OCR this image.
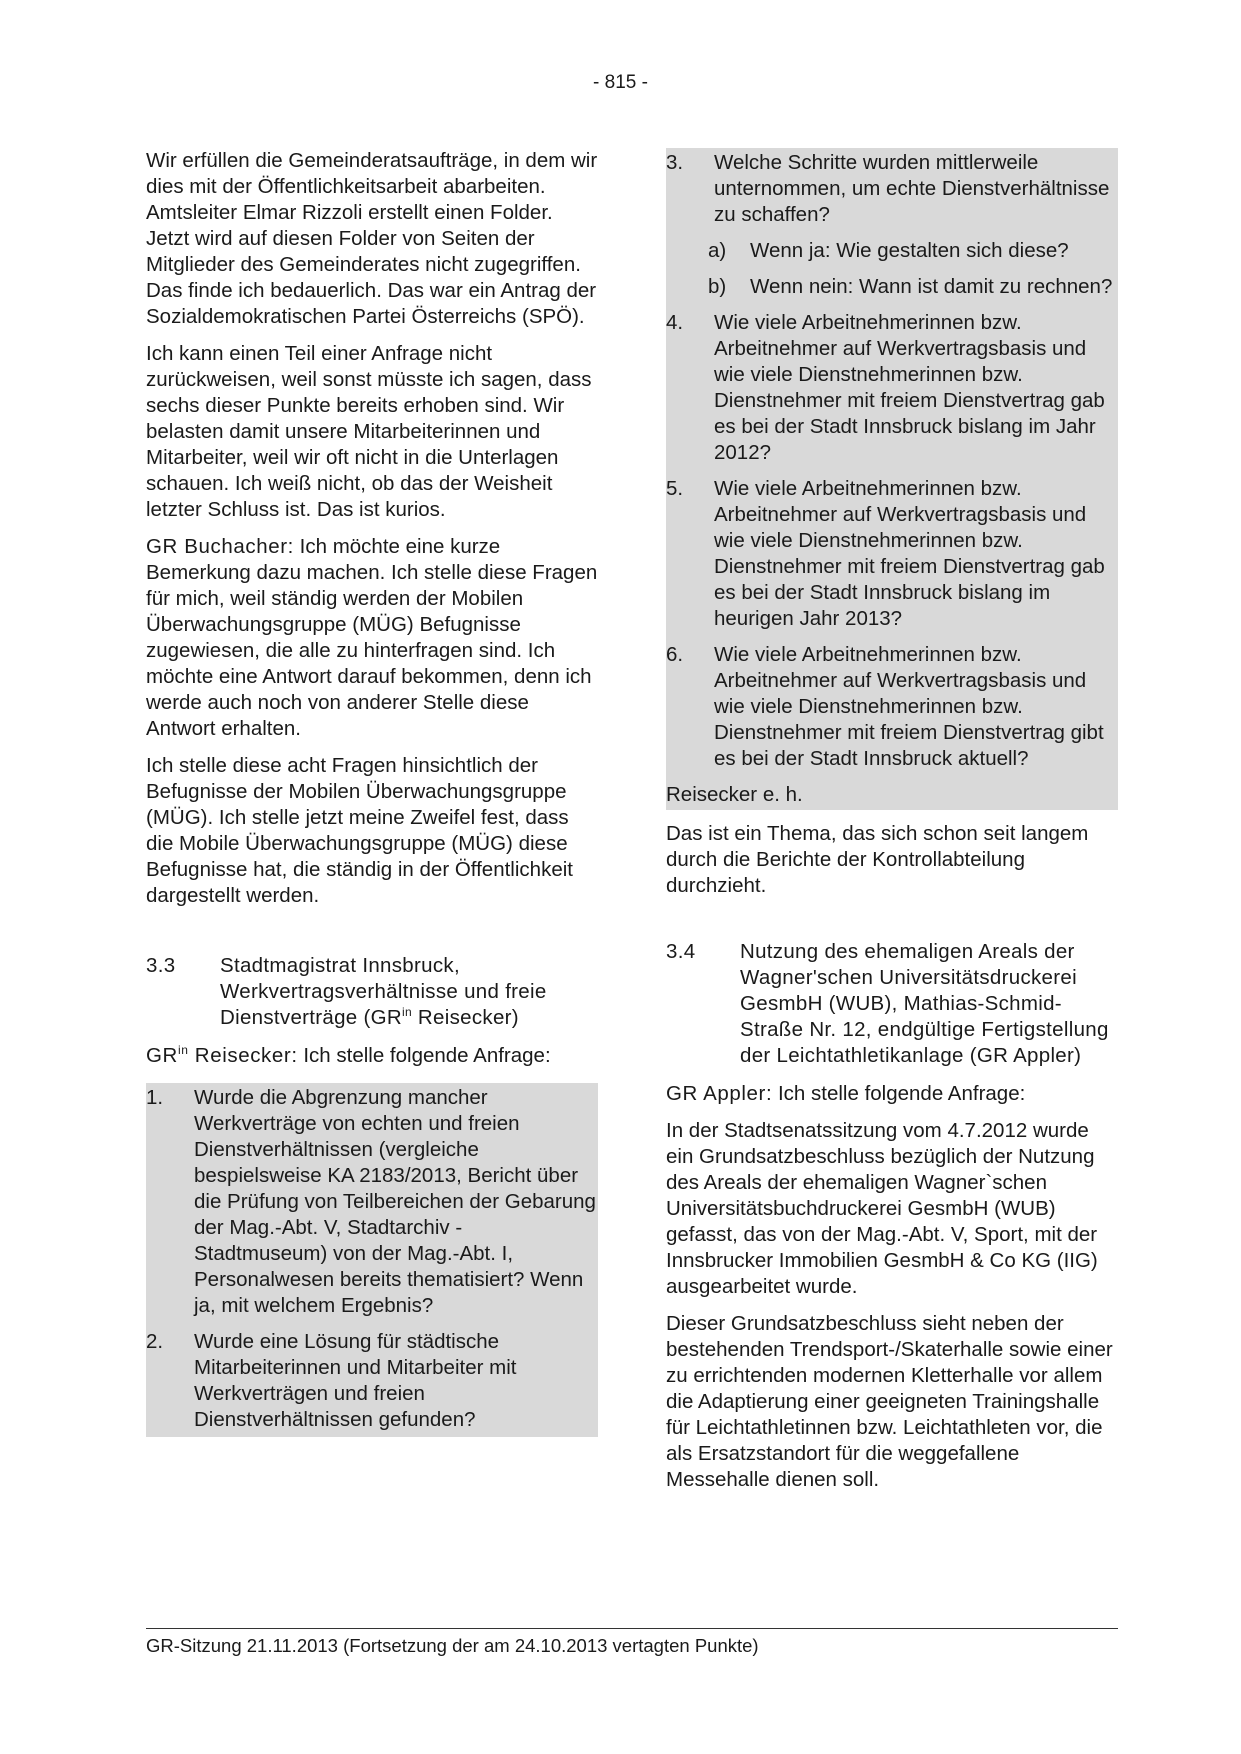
- 815 -

Wir erfüllen die Gemeinderatsaufträge, in dem wir dies mit der Öffentlichkeitsarbeit abarbeiten. Amtsleiter Elmar Rizzoli erstellt einen Folder. Jetzt wird auf diesen Folder von Seiten der Mitglieder des Gemeinderates nicht zugegriffen. Das finde ich bedauerlich. Das war ein Antrag der Sozialdemokratischen Partei Österreichs (SPÖ).

Ich kann einen Teil einer Anfrage nicht zurückweisen, weil sonst müsste ich sagen, dass sechs dieser Punkte bereits erhoben sind. Wir belasten damit unsere Mitarbeiterinnen und Mitarbeiter, weil wir oft nicht in die Unterlagen schauen. Ich weiß nicht, ob das der Weisheit letzter Schluss ist. Das ist kurios.

GR Buchacher: Ich möchte eine kurze Bemerkung dazu machen. Ich stelle diese Fragen für mich, weil ständig werden der Mobilen Überwachungsgruppe (MÜG) Befugnisse zugewiesen, die alle zu hinterfragen sind. Ich möchte eine Antwort darauf bekommen, denn ich werde auch noch von anderer Stelle diese Antwort erhalten.

Ich stelle diese acht Fragen hinsichtlich der Befugnisse der Mobilen Überwachungsgruppe (MÜG). Ich stelle jetzt meine Zweifel fest, dass die Mobile Überwachungsgruppe (MÜG) diese Befugnisse hat, die ständig in der Öffentlichkeit dargestellt werden.

3.3	Stadtmagistrat Innsbruck, Werkvertragsverhältnisse und freie Dienstverträge ($GR^{in}$ Reisecker)

$GR^{in}$ Reisecker: Ich stelle folgende Anfrage:

1.	Wurde die Abgrenzung mancher Werkverträge von echten und freien Dienstverhältnissen (vergleiche bespielsweise KA 2183/2013, Bericht über die Prüfung von Teilbereichen der Gebarung der Mag.-Abt. V, Stadtarchiv - Stadtmuseum) von der Mag.-Abt. I, Personalwesen bereits thematisiert? Wenn ja, mit welchem Ergebnis?
2.	Wurde eine Lösung für städtische Mitarbeiterinnen und Mitarbeiter mit Werkverträgen und freien Dienstverhältnissen gefunden?
3.	Welche Schritte wurden mittlerweile unternommen, um echte Dienstverhältnisse zu schaffen?
a)	Wenn ja: Wie gestalten sich diese?
b)	Wenn nein: Wann ist damit zu rechnen?
4.	Wie viele Arbeitnehmerinnen bzw. Arbeitnehmer auf Werkvertragsbasis und wie viele Dienstnehmerinnen bzw. Dienstnehmer mit freiem Dienstvertrag gab es bei der Stadt Innsbruck bislang im Jahr 2012?
5.	Wie viele Arbeitnehmerinnen bzw. Arbeitnehmer auf Werkvertragsbasis und wie viele Dienstnehmerinnen bzw. Dienstnehmer mit freiem Dienstvertrag gab es bei der Stadt Innsbruck bislang im heurigen Jahr 2013?
6.	Wie viele Arbeitnehmerinnen bzw. Arbeitnehmer auf Werkvertragsbasis und wie viele Dienstnehmerinnen bzw. Dienstnehmer mit freiem Dienstvertrag gibt es bei der Stadt Innsbruck aktuell?
Reisecker e. h.

Das ist ein Thema, das sich schon seit langem durch die Berichte der Kontrollabteilung durchzieht.

3.4	Nutzung des ehemaligen Areals der Wagner'schen Universitätsdruckerei GesmbH (WUB), Mathias-Schmid-Straße Nr. 12, endgültige Fertigstellung der Leichtathletikanlage (GR Appler)

GR Appler: Ich stelle folgende Anfrage:

In der Stadtsenatssitzung vom 4.7.2012 wurde ein Grundsatzbeschluss bezüglich der Nutzung des Areals der ehemaligen Wagner`schen Universitätsbuchdruckerei GesmbH (WUB) gefasst, das von der Mag.-Abt. V, Sport, mit der Innsbrucker Immobilien GesmbH & Co KG (IIG) ausgearbeitet wurde.

Dieser Grundsatzbeschluss sieht neben der bestehenden Trendsport-/Skaterhalle sowie einer zu errichtenden modernen Kletterhalle vor allem die Adaptierung einer geeigneten Trainingshalle für Leichtathletinnen bzw. Leichtathleten vor, die als Ersatzstandort für die weggefallene Messehalle dienen soll.

GR-Sitzung 21.11.2013 (Fortsetzung der am 24.10.2013 vertagten Punkte)
